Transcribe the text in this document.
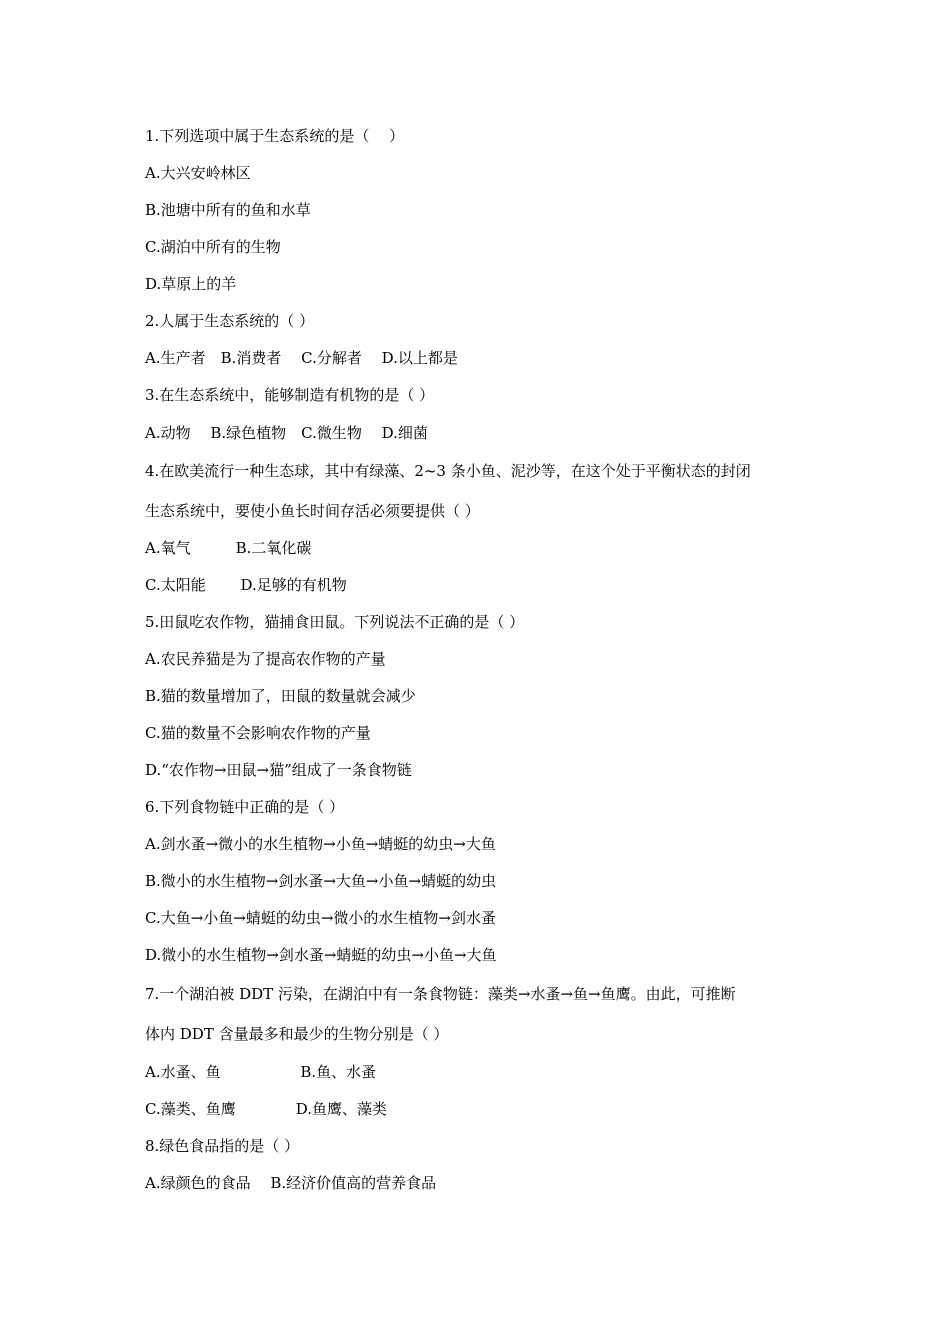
1.下列选项中属于生态系统的是（　 ）
A.大兴安岭林区
B.池塘中所有的鱼和水草
C.湖泊中所有的生物
D.草原上的羊
2.人属于生态系统的（ ）
A.生产者　B.消费者　 C.分解者　 D.以上都是
3.在生态系统中，能够制造有机物的是（ ）
A.动物　 B.绿色植物　C.微生物　 D.细菌
4.在欧美流行一种生态球，其中有绿藻、2~3 条小鱼、泥沙等，在这个处于平衡状态的封闭
生态系统中，要使小鱼长时间存活必须要提供（ ）
A.氧气　　　B.二氧化碳
C.太阳能　　 D.足够的有机物
5.田鼠吃农作物，猫捕食田鼠。下列说法不正确的是（ ）
A.农民养猫是为了提高农作物的产量
B.猫的数量增加了，田鼠的数量就会减少
C.猫的数量不会影响农作物的产量
D.“农作物→田鼠→猫”组成了一条食物链
6.下列食物链中正确的是（ ）
A.剑水蚤→微小的水生植物→小鱼→蜻蜓的幼虫→大鱼
B.微小的水生植物→剑水蚤→大鱼→小鱼→蜻蜓的幼虫
C.大鱼→小鱼→蜻蜓的幼虫→微小的水生植物→剑水蚤
D.微小的水生植物→剑水蚤→蜻蜓的幼虫→小鱼→大鱼
7.一个湖泊被 DDT 污染，在湖泊中有一条食物链：藻类→水蚤→鱼→鱼鹰。由此，可推断
体内 DDT 含量最多和最少的生物分别是（ ）
A.水蚤、鱼　　　　　 B.鱼、水蚤
C.藻类、鱼鹰　　　　D.鱼鹰、藻类
8.绿色食品指的是（ ）
A.绿颜色的食品　 B.经济价值高的营养食品
